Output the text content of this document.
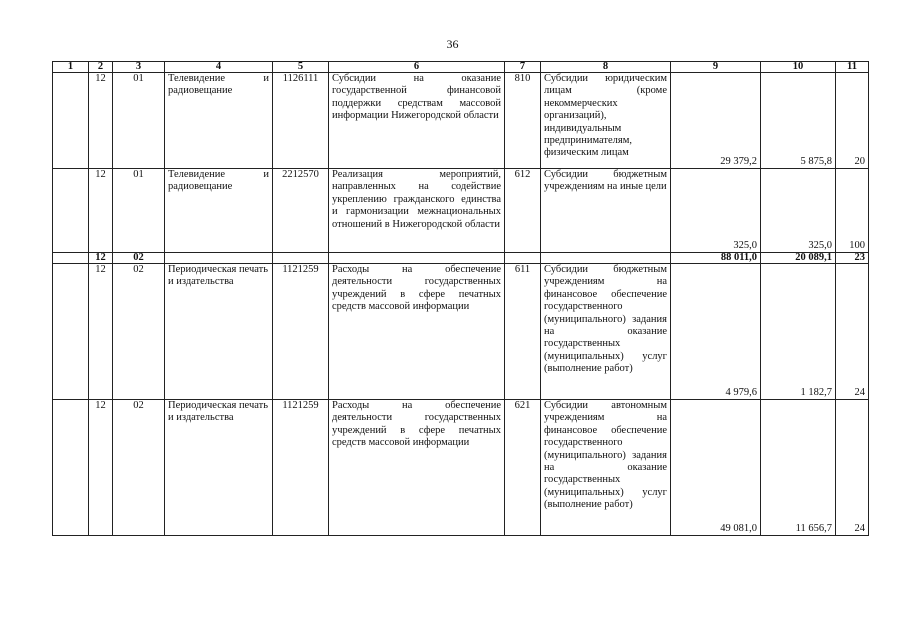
36
1	2	3	4	5	6	7	8	9	10	11
	12	01	Телевидение и радиовещание	1126111	Субсидии на оказание государственной финансовой поддержки средствам массовой информации Нижегородской области	810	Субсидии юридическим лицам (кроме некоммерческих организаций), индивидуальным предпринимателям, физическим лицам	29 379,2	5 875,8	20
	12	01	Телевидение и радиовещание	2212570	Реализация мероприятий, направленных на содействие укреплению гражданского единства и гармонизации межнациональных отношений в Нижегородской области	612	Субсидии бюджетным учреждениям на иные цели	325,0	325,0	100
	12	02						88 011,0	20 089,1	23
	12	02	Периодическая печать и издательства	1121259	Расходы на обеспечение деятельности государственных учреждений в сфере печатных средств массовой информации	611	Субсидии бюджетным учреждениям на финансовое обеспечение государственного (муниципального) задания на оказание государственных (муниципальных) услуг (выполнение работ)	4 979,6	1 182,7	24
	12	02	Периодическая печать и издательства	1121259	Расходы на обеспечение деятельности государственных учреждений в сфере печатных средств массовой информации	621	Субсидии автономным учреждениям на финансовое обеспечение государственного (муниципального) задания на оказание государственных (муниципальных) услуг (выполнение работ)	49 081,0	11 656,7	24
